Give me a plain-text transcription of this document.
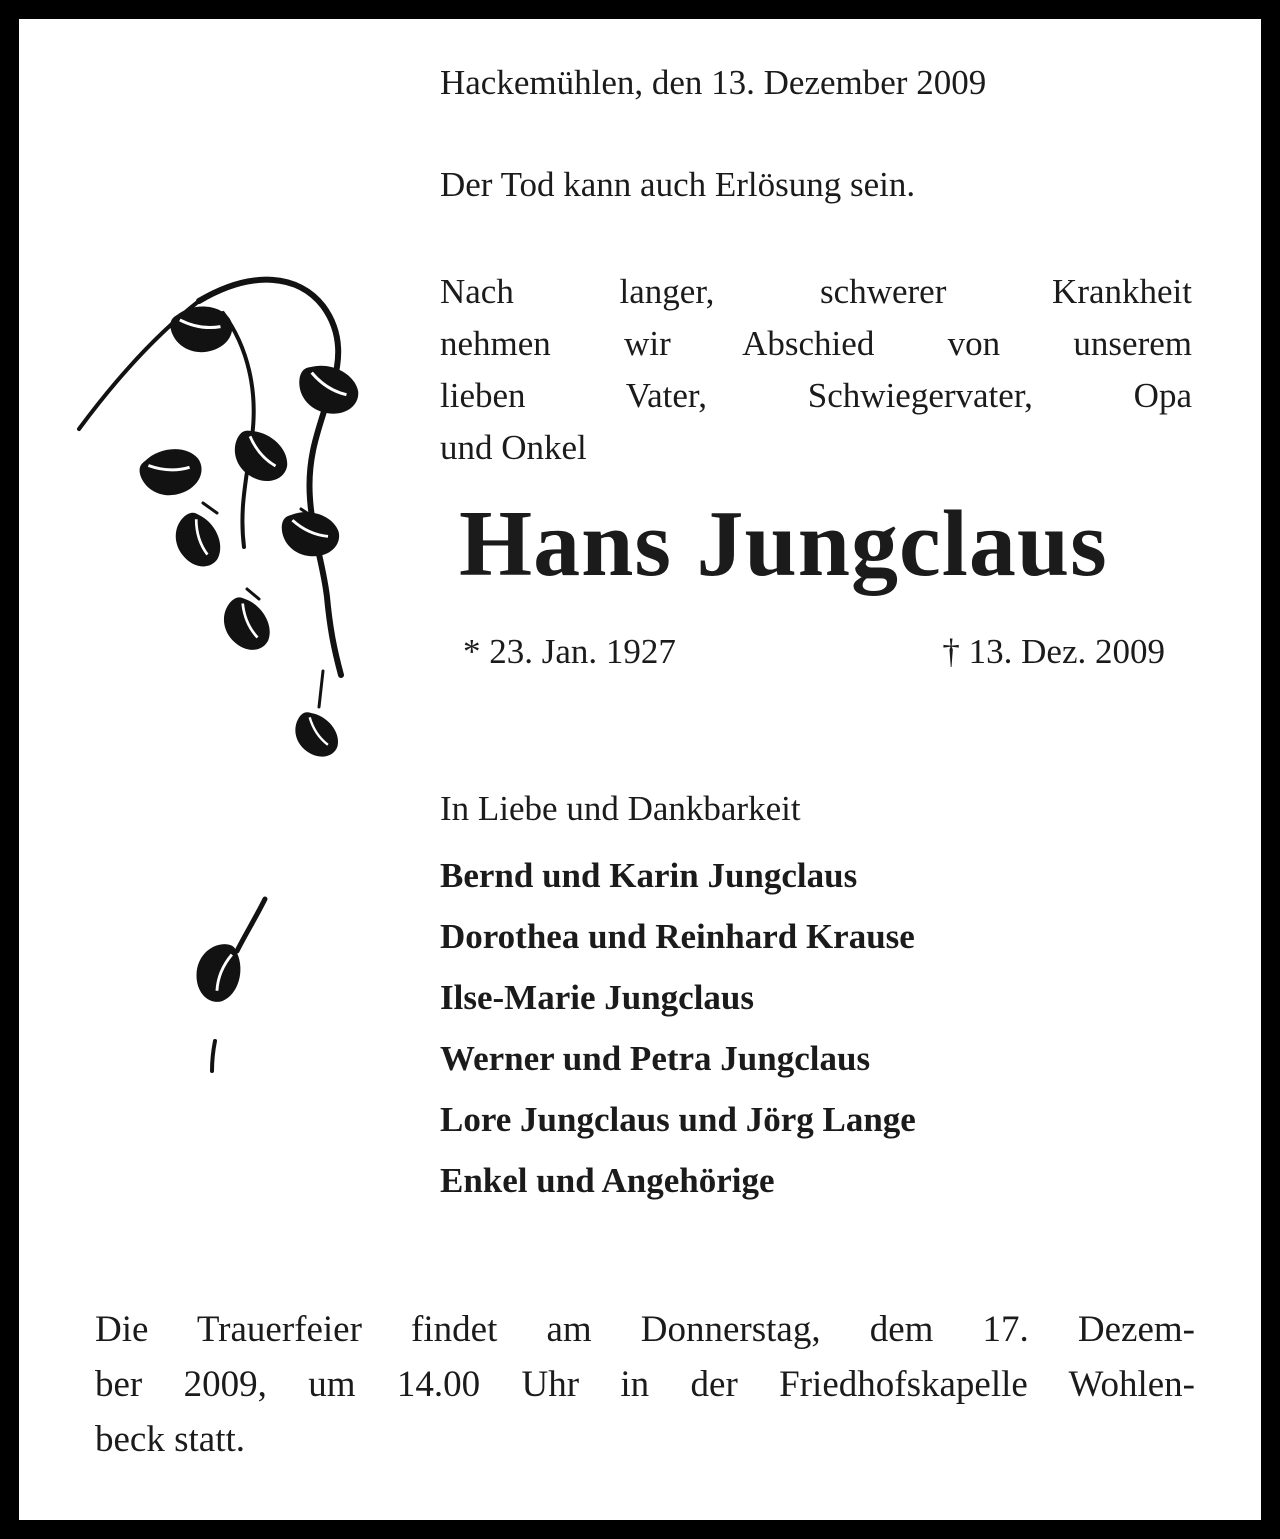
Hackemühlen, den 13. Dezember 2009
Der Tod kann auch Erlösung sein.
Nach langer, schwerer Krankheit
nehmen wir Abschied von unserem
lieben Vater, Schwiegervater, Opa
und Onkel
Hans Jungclaus
* 23. Jan. 1927	† 13. Dez. 2009
In Liebe und Dankbarkeit
Bernd und Karin Jungclaus
Dorothea und Reinhard Krause
Ilse-Marie Jungclaus
Werner und Petra Jungclaus
Lore Jungclaus und Jörg Lange
Enkel und Angehörige
Die Trauerfeier findet am Donnerstag, dem 17. Dezem-
ber 2009, um 14.00 Uhr in der Friedhofskapelle Wohlen-
beck statt.
